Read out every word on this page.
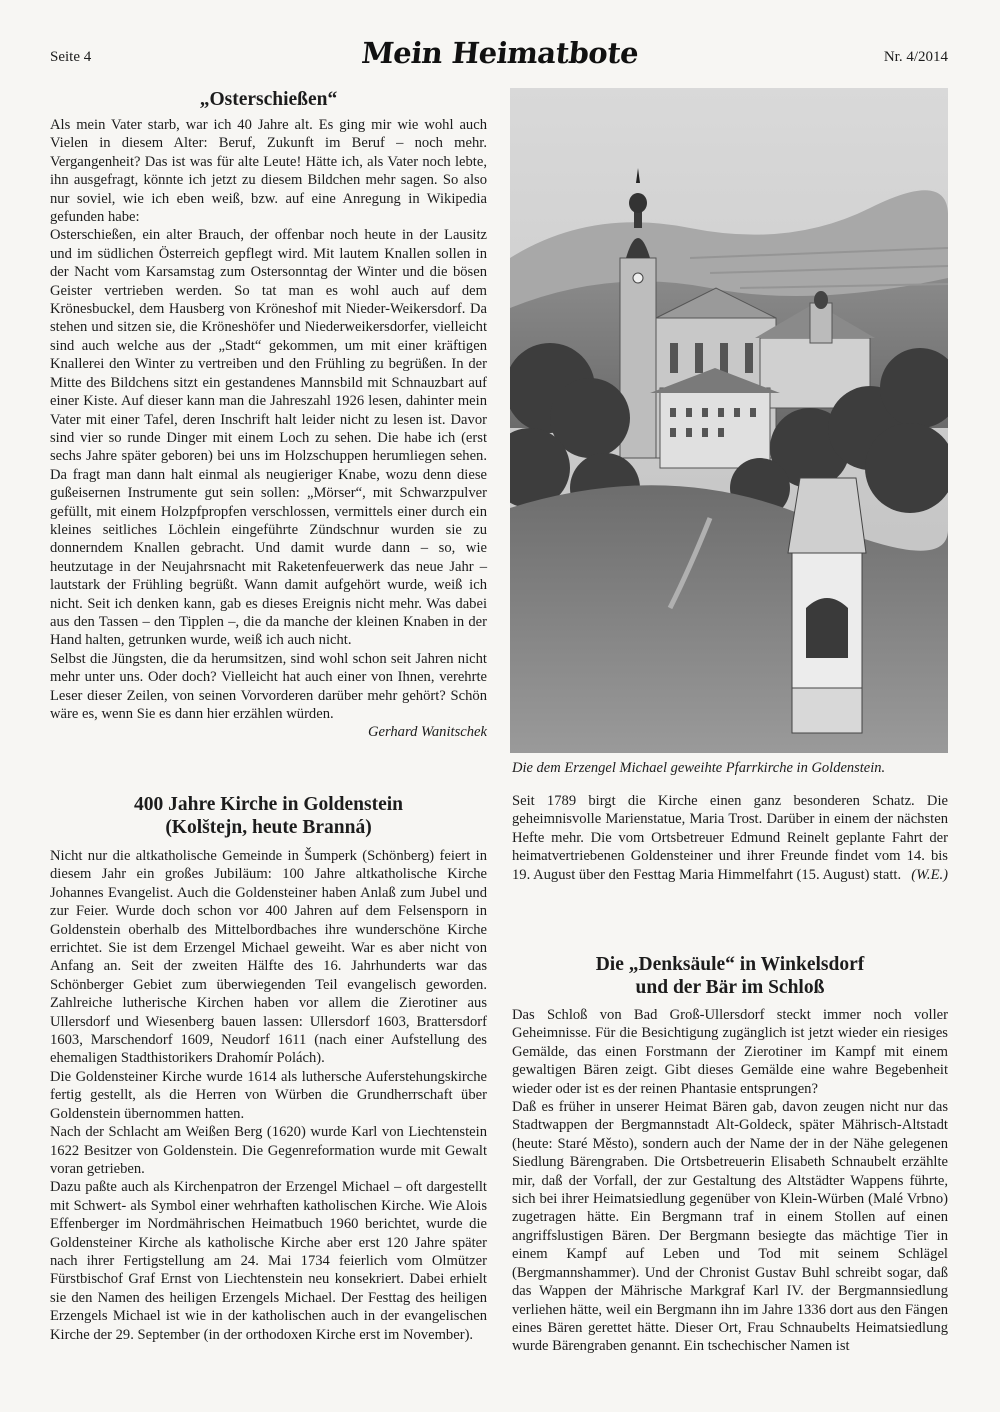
Seite 4	Mein Heimatbote	Nr. 4/2014
„Osterschießen“

Als mein Vater starb, war ich 40 Jahre alt. Es ging mir wie wohl auch Vielen in diesem Alter: Beruf, Zukunft im Beruf – noch mehr. Vergangenheit? Das ist was für alte Leute! Hätte ich, als Vater noch lebte, ihn ausgefragt, könnte ich jetzt zu diesem Bildchen mehr sagen. So also nur soviel, wie ich eben weiß, bzw. auf eine Anregung in Wikipedia gefunden habe:

Osterschießen, ein alter Brauch, der offenbar noch heute in der Lausitz und im südlichen Österreich gepflegt wird. Mit lautem Knallen sollen in der Nacht vom Karsamstag zum Ostersonntag der Winter und die bösen Geister vertrieben werden. So tat man es wohl auch auf dem Krönesbuckel, dem Hausberg von Kröneshof mit Nieder-Weikersdorf. Da stehen und sitzen sie, die Kröneshöfer und Niederweikersdorfer, vielleicht sind auch welche aus der „Stadt“ gekommen, um mit einer kräftigen Knallerei den Winter zu vertreiben und den Frühling zu begrüßen. In der Mitte des Bildchens sitzt ein gestandenes Mannsbild mit Schnauzbart auf einer Kiste. Auf dieser kann man die Jahreszahl 1926 lesen, dahinter mein Vater mit einer Tafel, deren Inschrift halt leider nicht zu lesen ist. Davor sind vier so runde Dinger mit einem Loch zu sehen. Die habe ich (erst sechs Jahre später geboren) bei uns im Holzschuppen herumliegen sehen. Da fragt man dann halt einmal als neugieriger Knabe, wozu denn diese gußeisernen Instrumente gut sein sollen: „Mörser“, mit Schwarzpulver gefüllt, mit einem Holzpfpropfen verschlossen, vermittels einer durch ein kleines seitliches Löchlein eingeführte Zündschnur wurden sie zu donnerndem Knallen gebracht. Und damit wurde dann – so, wie heutzutage in der Neujahrsnacht mit Raketenfeuerwerk das neue Jahr – lautstark der Frühling begrüßt. Wann damit aufgehört wurde, weiß ich nicht. Seit ich denken kann, gab es dieses Ereignis nicht mehr. Was dabei aus den Tassen – den Tipplen –, die da manche der kleinen Knaben in der Hand halten, getrunken wurde, weiß ich auch nicht.

Selbst die Jüngsten, die da herumsitzen, sind wohl schon seit Jahren nicht mehr unter uns. Oder doch? Vielleicht hat auch einer von Ihnen, verehrte Leser dieser Zeilen, von seinen Vorvorderen darüber mehr gehört? Schön wäre es, wenn Sie es dann hier erzählen würden.

Gerhard Wanitschek

400 Jahre Kirche in Goldenstein
(Kolštejn, heute Branná)

Nicht nur die altkatholische Gemeinde in Šumperk (Schönberg) feiert in diesem Jahr ein großes Jubiläum: 100 Jahre altkatholische Kirche Johannes Evangelist. Auch die Goldensteiner haben Anlaß zum Jubel und zur Feier. Wurde doch schon vor 400 Jahren auf dem Felsensporn in Goldenstein oberhalb des Mittelbordbaches ihre wunderschöne Kirche errichtet. Sie ist dem Erzengel Michael geweiht. War es aber nicht von Anfang an. Seit der zweiten Hälfte des 16. Jahrhunderts war das Schönberger Gebiet zum überwiegenden Teil evangelisch geworden. Zahlreiche lutherische Kirchen haben vor allem die Zierotiner aus Ullersdorf und Wiesenberg bauen lassen: Ullersdorf 1603, Brattersdorf 1603, Marschendorf 1609, Neudorf 1611 (nach einer Aufstellung des ehemaligen Stadthistorikers Drahomír Polách).

Die Goldensteiner Kirche wurde 1614 als luthersche Auferstehungskirche fertig gestellt, als die Herren von Würben die Grundherrschaft über Goldenstein übernommen hatten.

Nach der Schlacht am Weißen Berg (1620) wurde Karl von Liechtenstein 1622 Besitzer von Goldenstein. Die Gegenreformation wurde mit Gewalt voran getrieben.

Dazu paßte auch als Kirchenpatron der Erzengel Michael – oft dargestellt mit Schwert- als Symbol einer wehrhaften katholischen Kirche. Wie Alois Effenberger im Nordmährischen Heimatbuch 1960 berichtet, wurde die Goldensteiner Kirche als katholische Kirche aber erst 120 Jahre später nach ihrer Fertigstellung am 24. Mai 1734 feierlich vom Olmützer Fürstbischof Graf Ernst von Liechtenstein neu konsekriert. Dabei erhielt sie den Namen des heiligen Erzengels Michael. Der Festtag des heiligen Erzengels Michael ist wie in der katholischen auch in der evangelischen Kirche der 29. September (in der orthodoxen Kirche erst im November).

Die dem Erzengel Michael geweihte Pfarrkirche in Goldenstein.

Seit 1789 birgt die Kirche einen ganz besonderen Schatz. Die geheimnisvolle Marienstatue, Maria Trost. Darüber in einem der nächsten Hefte mehr. Die vom Ortsbetreuer Edmund Reinelt geplante Fahrt der heimatvertriebenen Goldensteiner und ihrer Freunde findet vom 14. bis 19. August über den Festtag Maria Himmelfahrt (15. August) statt. (W.E.)

Die „Denksäule“ in Winkelsdorf
und der Bär im Schloß

Das Schloß von Bad Groß-Ullersdorf steckt immer noch voller Geheimnisse. Für die Besichtigung zugänglich ist jetzt wieder ein riesiges Gemälde, das einen Forstmann der Zierotiner im Kampf mit einem gewaltigen Bären zeigt. Gibt dieses Gemälde eine wahre Begebenheit wieder oder ist es der reinen Phantasie entsprungen?

Daß es früher in unserer Heimat Bären gab, davon zeugen nicht nur das Stadtwappen der Bergmannstadt Alt-Goldeck, später Mährisch-Altstadt (heute: Staré Město), sondern auch der Name der in der Nähe gelegenen Siedlung Bärengraben. Die Ortsbetreuerin Elisabeth Schnaubelt erzählte mir, daß der Vorfall, der zur Gestaltung des Altstädter Wappens führte, sich bei ihrer Heimatsiedlung gegenüber von Klein-Würben (Malé Vrbno) zugetragen hätte. Ein Bergmann traf in einem Stollen auf einen angriffslustigen Bären. Der Bergmann besiegte das mächtige Tier in einem Kampf auf Leben und Tod mit seinem Schlägel (Bergmannshammer). Und der Chronist Gustav Buhl schreibt sogar, daß das Wappen der Mährische Markgraf Karl IV. der Bergmannsiedlung verliehen hätte, weil ein Bergmann ihn im Jahre 1336 dort aus den Fängen eines Bären gerettet hätte. Dieser Ort, Frau Schnaubelts Heimatsiedlung wurde Bärengraben genannt. Ein tschechischer Namen ist
